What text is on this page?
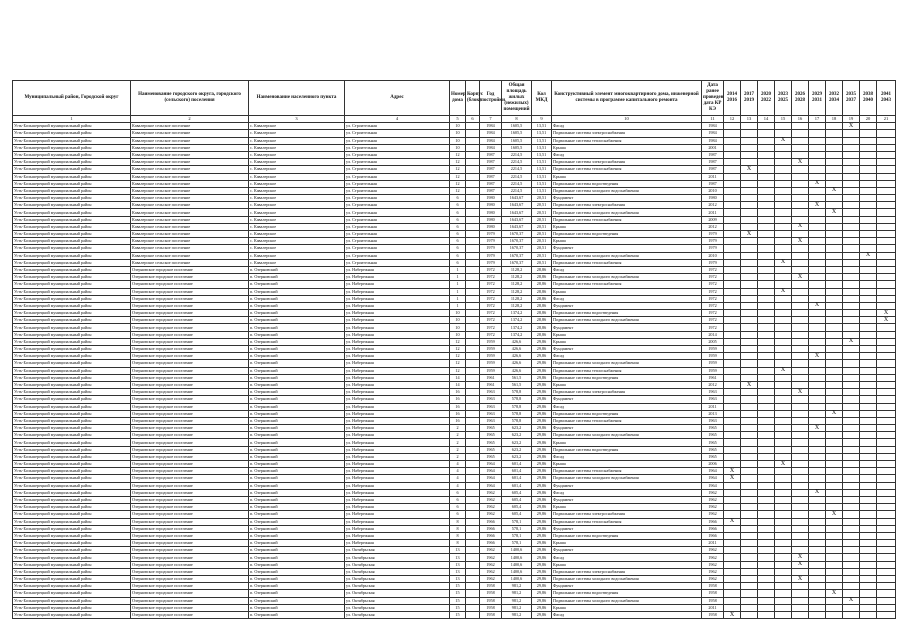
Муниципальный район, Городской округ	Наименование городского округа, городского (сельского) поселения	Наименование населенного пункта	Адрес	Номер дома	Корпус (блок)	Год постройки	Общая площадь жилых (нежилых) помещений	Кол МКД	Конструктивный элемент многоквартирного дома, инженерной системы в программе капитального ремонта	Дата ранее проведен дата КР КЭ	2014 2016	2017 2019	2020 2022	2023 2025	2026 2028	2029 2031	2032 2034	2035 2037	2038 2040	2041 2043
1	2	3	4	5	6	7	8	9	10	11	12	13	14	15	16	17	18	19	20	21
Усть-Большерецкий муниципальный район	Кавалерское сельское поселение	с. Кавалерское	ул. Строительная	10		1984	1605,5	13,51	Фасад	1984								X		
Усть-Большерецкий муниципальный район	Кавалерское сельское поселение	с. Кавалерское	ул. Строительная	10		1984	1605,5	13,51	Подвальные системы электроснабжения	1984										
Усть-Большерецкий муниципальный район	Кавалерское сельское поселение	с. Кавалерское	ул. Строительная	10		1984	1605,5	13,51	Подвальные системы теплоснабжения	1984				X						
Усть-Большерецкий муниципальный район	Кавалерское сельское поселение	с. Кавалерское	ул. Строительная	10		1984	1605,5	13,51	Крыша	2001										
Усть-Большерецкий муниципальный район	Кавалерское сельское поселение	с. Кавалерское	ул. Строительная	12		1987	2214,5	13,51	Фасад	1987										
Усть-Большерецкий муниципальный район	Кавалерское сельское поселение	с. Кавалерское	ул. Строительная	12		1987	2214,5	13,51	Подвальные системы электроснабжения	1987					X					
Усть-Большерецкий муниципальный район	Кавалерское сельское поселение	с. Кавалерское	ул. Строительная	12		1987	2214,5	13,51	Подвальные системы теплоснабжения	1987		X								
Усть-Большерецкий муниципальный район	Кавалерское сельское поселение	с. Кавалерское	ул. Строительная	12		1987	2214,5	13,51	Крыша	2011										
Усть-Большерецкий муниципальный район	Кавалерское сельское поселение	с. Кавалерское	ул. Строительная	12		1987	2214,5	13,51	Подвальные системы водоотведения	1987						X				
Усть-Большерецкий муниципальный район	Кавалерское сельское поселение	с. Кавалерское	ул. Строительная	12		1987	2214,5	13,51	Подвальные системы холодного водоснабжения	2010							X			
Усть-Большерецкий муниципальный район	Кавалерское сельское поселение	с. Кавалерское	ул. Строительная	6		1980	1643,67	20,51	Фундамент	1980										
Усть-Большерецкий муниципальный район	Кавалерское сельское поселение	с. Кавалерское	ул. Строительная	6		1980	1643,67	20,51	Подвальные системы электроснабжения	2012						X				
Усть-Большерецкий муниципальный район	Кавалерское сельское поселение	с. Кавалерское	ул. Строительная	6		1980	1643,67	20,51	Подвальные системы холодного водоснабжения	2011							X			
Усть-Большерецкий муниципальный район	Кавалерское сельское поселение	с. Кавалерское	ул. Строительная	6		1980	1643,67	20,51	Подвальные системы теплоснабжения	2009										
Усть-Большерецкий муниципальный район	Кавалерское сельское поселение	с. Кавалерское	ул. Строительная	6		1980	1643,67	20,51	Крыша	2012					X					
Усть-Большерецкий муниципальный район	Кавалерское сельское поселение	с. Кавалерское	ул. Строительная	6		1979	1670,37	20,51	Подвальные системы водоотведения	1979		X								
Усть-Большерецкий муниципальный район	Кавалерское сельское поселение	с. Кавалерское	ул. Строительная	6		1979	1670,37	20,51	Крыша	1979					X					
Усть-Большерецкий муниципальный район	Кавалерское сельское поселение	с. Кавалерское	ул. Строительная	6		1979	1670,37	20,51	Фундамент	1979										
Усть-Большерецкий муниципальный район	Кавалерское сельское поселение	с. Кавалерское	ул. Строительная	6		1979	1670,37	20,51	Подвальные системы холодного водоснабжения	2010									X	
Усть-Большерецкий муниципальный район	Кавалерское сельское поселение	с. Кавалерское	ул. Строительная	6		1979	1670,37	20,51	Подвальные системы теплоснабжения	1979				X						
Усть-Большерецкий муниципальный район	Озерновское городское поселение	п. Озерновский	ул. Набережная	1		1972	1128,2	28,86	Фасад	1972										
Усть-Большерецкий муниципальный район	Озерновское городское поселение	п. Озерновский	ул. Набережная	1		1972	1128,2	28,86	Подвальные системы холодного водоснабжения	1972					X					
Усть-Большерецкий муниципальный район	Озерновское городское поселение	п. Озерновский	ул. Набережная	1		1972	1128,2	28,86	Подвальные системы теплоснабжения	1972										
Усть-Большерецкий муниципальный район	Озерновское городское поселение	п. Озерновский	ул. Набережная	1		1972	1128,2	28,86	Крыша	1972				X						
Усть-Большерецкий муниципальный район	Озерновское городское поселение	п. Озерновский	ул. Набережная	1		1972	1128,2	28,86	Фасад	1972										
Усть-Большерецкий муниципальный район	Озерновское городское поселение	п. Озерновский	ул. Набережная	1		1972	1128,2	28,86	Фундамент	1972						X				
Усть-Большерецкий муниципальный район	Озерновское городское поселение	п. Озерновский	ул. Набережная	10		1972	1374,2	28,86	Подвальные системы водоотведения	1972										X
Усть-Большерецкий муниципальный район	Озерновское городское поселение	п. Озерновский	ул. Набережная	10		1972	1374,2	28,86	Подвальные системы холодного водоснабжения	1972										X
Усть-Большерецкий муниципальный район	Озерновское городское поселение	п. Озерновский	ул. Набережная	10		1972	1374,2	28,86	Фундамент	1972										
Усть-Большерецкий муниципальный район	Озерновское городское поселение	п. Озерновский	ул. Набережная	10		1972	1374,2	28,86	Крыша	2014										
Усть-Большерецкий муниципальный район	Озерновское городское поселение	п. Озерновский	ул. Набережная	12		1959	426,6	29,86	Крыша	2005								X		
Усть-Большерецкий муниципальный район	Озерновское городское поселение	п. Озерновский	ул. Набережная	12		1959	426,6	29,86	Фундамент	1959										
Усть-Большерецкий муниципальный район	Озерновское городское поселение	п. Озерновский	ул. Набережная	12		1959	426,6	29,86	Фасад	1959						X				
Усть-Большерецкий муниципальный район	Озерновское городское поселение	п. Озерновский	ул. Набережная	12		1959	426,6	29,86	Подвальные системы холодного водоснабжения	1959										
Усть-Большерецкий муниципальный район	Озерновское городское поселение	п. Озерновский	ул. Набережная	12		1959	426,6	29,86	Подвальные системы теплоснабжения	1959				X						
Усть-Большерецкий муниципальный район	Озерновское городское поселение	п. Озерновский	ул. Набережная	14		1961	561,5	29,86	Подвальные системы водоотведения	1961										
Усть-Большерецкий муниципальный район	Озерновское городское поселение	п. Озерновский	ул. Набережная	14		1961	561,5	29,86	Крыша	2012		X								
Усть-Большерецкий муниципальный район	Озерновское городское поселение	п. Озерновский	ул. Набережная	16		1963	578,8	29,86	Подвальные системы электроснабжения	1963					X					
Усть-Большерецкий муниципальный район	Озерновское городское поселение	п. Озерновский	ул. Набережная	16		1963	578,8	29,86	Фундамент	1963										
Усть-Большерецкий муниципальный район	Озерновское городское поселение	п. Озерновский	ул. Набережная	16		1963	578,8	29,86	Фасад	2011										
Усть-Большерецкий муниципальный район	Озерновское городское поселение	п. Озерновский	ул. Набережная	16		1963	578,8	29,86	Подвальные системы водоотведения	2013							X			
Усть-Большерецкий муниципальный район	Озерновское городское поселение	п. Озерновский	ул. Набережная	16		1963	578,8	29,86	Подвальные системы теплоснабжения	1963										
Усть-Большерецкий муниципальный район	Озерновское городское поселение	п. Озерновский	ул. Набережная	2		1965	623,2	29,86	Фундамент	1965						X				
Усть-Большерецкий муниципальный район	Озерновское городское поселение	п. Озерновский	ул. Набережная	2		1965	623,2	29,86	Подвальные системы холодного водоснабжения	1965										
Усть-Большерецкий муниципальный район	Озерновское городское поселение	п. Озерновский	ул. Набережная	2		1965	623,2	29,86	Крыша	1965										
Усть-Большерецкий муниципальный район	Озерновское городское поселение	п. Озерновский	ул. Набережная	2		1965	623,2	29,86	Подвальные системы водоотведения	1965										
Усть-Большерецкий муниципальный район	Озерновское городское поселение	п. Озерновский	ул. Набережная	2		1965	623,2	29,86	Фасад	1965										
Усть-Большерецкий муниципальный район	Озерновское городское поселение	п. Озерновский	ул. Набережная	4		1964	601,4	29,86	Крыша	2006				X						
Усть-Большерецкий муниципальный район	Озерновское городское поселение	п. Озерновский	ул. Набережная	4		1964	601,4	29,86	Подвальные системы теплоснабжения	1964	X									
Усть-Большерецкий муниципальный район	Озерновское городское поселение	п. Озерновский	ул. Набережная	4		1964	601,4	29,86	Подвальные системы холодного водоснабжения	1964	X									
Усть-Большерецкий муниципальный район	Озерновское городское поселение	п. Озерновский	ул. Набережная	4		1964	601,4	29,86	Фундамент	1964										
Усть-Большерецкий муниципальный район	Озерновское городское поселение	п. Озерновский	ул. Набережная	6		1962	605,4	29,86	Фасад	1962						X				
Усть-Большерецкий муниципальный район	Озерновское городское поселение	п. Озерновский	ул. Набережная	6		1962	605,4	29,86	Фундамент	1962										
Усть-Большерецкий муниципальный район	Озерновское городское поселение	п. Озерновский	ул. Набережная	6		1962	605,4	29,86	Крыша	1962										
Усть-Большерецкий муниципальный район	Озерновское городское поселение	п. Озерновский	ул. Набережная	6		1962	605,4	29,86	Подвальные системы электроснабжения	1962							X			
Усть-Большерецкий муниципальный район	Озерновское городское поселение	п. Озерновский	ул. Набережная	8		1966	578,1	29,86	Подвальные системы теплоснабжения	1966	X									
Усть-Большерецкий муниципальный район	Озерновское городское поселение	п. Озерновский	ул. Набережная	8		1966	578,1	29,86	Фундамент	1966										
Усть-Большерецкий муниципальный район	Озерновское городское поселение	п. Озерновский	ул. Набережная	8		1966	578,1	29,86	Подвальные системы водоотведения	1966										
Усть-Большерецкий муниципальный район	Озерновское городское поселение	п. Озерновский	ул. Набережная	8		1966	578,1	29,86	Крыша	2011										
Усть-Большерецкий муниципальный район	Озерновское городское поселение	п. Озерновский	ул. Октябрьская	13		1962	1400,6	29,86	Фундамент	1962										
Усть-Большерецкий муниципальный район	Озерновское городское поселение	п. Озерновский	ул. Октябрьская	13		1962	1400,6	29,86	Фасад	1962					X					
Усть-Большерецкий муниципальный район	Озерновское городское поселение	п. Озерновский	ул. Октябрьская	13		1962	1400,6	29,86	Крыша	1962					X					
Усть-Большерецкий муниципальный район	Озерновское городское поселение	п. Озерновский	ул. Октябрьская	13		1962	1400,6	29,86	Подвальные системы электроснабжения	1962										
Усть-Большерецкий муниципальный район	Озерновское городское поселение	п. Озерновский	ул. Октябрьская	13		1962	1400,6	29,86	Подвальные системы холодного водоснабжения	1962					X					
Усть-Большерецкий муниципальный район	Озерновское городское поселение	п. Озерновский	ул. Октябрьская	15		1958	981,2	29,86	Фундамент	1958										
Усть-Большерецкий муниципальный район	Озерновское городское поселение	п. Озерновский	ул. Октябрьская	15		1958	981,2	29,86	Подвальные системы водоотведения	1958							X			
Усть-Большерецкий муниципальный район	Озерновское городское поселение	п. Озерновский	ул. Октябрьская	15		1958	981,2	29,86	Подвальные системы холодного водоснабжения	1958								X		
Усть-Большерецкий муниципальный район	Озерновское городское поселение	п. Озерновский	ул. Октябрьская	15		1958	981,2	29,86	Крыша	2011										
Усть-Большерецкий муниципальный район	Озерновское городское поселение	п. Озерновский	ул. Октябрьская	15		1958	981,2	29,86	Фасад	1958	X									
